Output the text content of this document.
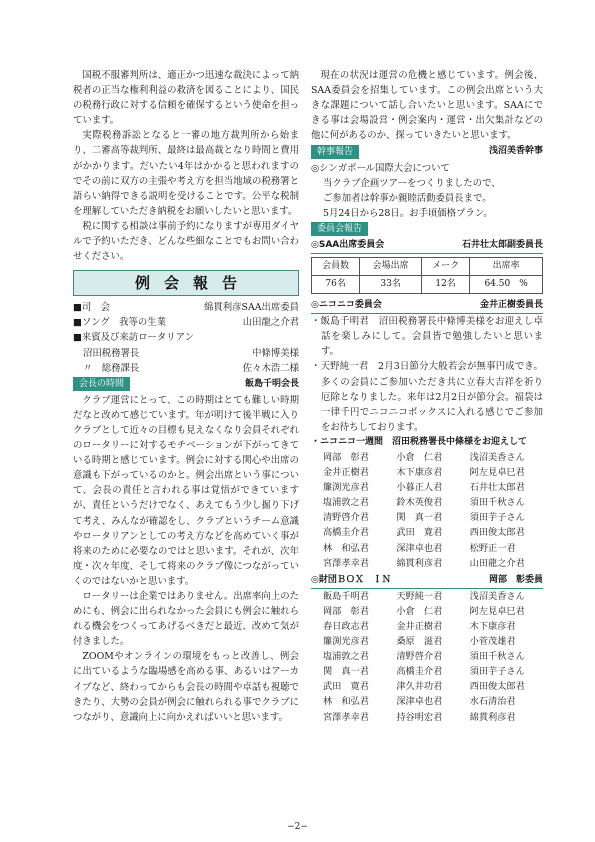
国税不服審判所は、適正かつ迅速な裁決によって納税者の正当な権利利益の救済を図ることにより、国民の税務行政に対する信頼を確保するという使命を担っています。

実際税務訴訟となると一審の地方裁判所から始まり、二審高等裁判所、最終は最高裁となり時間と費用がかかります。だいたい4年はかかると思われますのでその前に双方の主張や考え方を担当地域の税務署と語らい納得できる説明を受けることです。公平な税制を理解していただき納税をお願いしたいと思います。

税に関する相談は事前予約になりますが専用ダイヤルで予約いただき、どんな些細なことでもお問い合わせください。

例会報告
■司　会	綿貫利彦SAA出席委員
■ソング　我等の生業	山田龍之介君
■来賓及び来訪ロータリアン
沼田税務署長	中條博美様
〃　総務課長	佐々木浩二様
会長の時間	飯島千明会長

クラブ運営にとって、この時期はとても難しい時期だなと改めて感じています。年が明けて後半戦に入りクラブとして近々の目標も見えなくなり会員それぞれのロータリーに対するモチベーションが下がってきている時期と感じています。例会に対する関心や出席の意識も下がっているのかと。例会出席という事について、会長の責任と言われる事は覚悟ができていますが、責任というだけでなく、あえてもう少し掘り下げて考え、みんなが確認をし、クラブというチーム意識やロータリアンとしての考え方などを高めていく事が将来のために必要なのではと思います。それが、次年度・次々年度、そして将来のクラブ像につながっていくのではないかと思います。

ロータリーは企業ではありません。出席率向上のためにも、例会に出られなかった会員にも例会に触れられる機会をつくってあげるべきだと最近、改めて気が付きました。

ZOOMやオンラインの環境をもっと改善し、例会に出ているような臨場感を高める事、あるいはアーカイブなど、終わってからも会長の時間や卓話も視聴できたり、大勢の会員が例会に触れられる事でクラブにつながり、意識向上に向かえればいいと思います。

現在の状況は運営の危機と感じています。例会後、SAA委員会を招集しています。この例会出席という大きな課題について話し合いたいと思います。SAAにできる事は会場設営・例会案内・運営・出欠集計などの他に何があるのか、探っていきたいと思います。

幹事報告	浅沼美香幹事
◎シンガポール国際大会について
当クラブ企画ツアーをつくりましたので、
ご参加者は幹事か親睦活動委員長まで。
5月24日から28日。お手頃価格プラン。
委員会報告
◎SAA出席委員会	石井壮太郎副委員長
会員数	会場出席	メーク	出席率
76名	33名	12名	64.50　%
◎ニコニコ委員会	金井正樹委員長
・飯島千明君　沼田税務署長中條博美様をお迎えし卓話を楽しみにして。会員皆で勉強したいと思います。
・天野純一君　2月3日節分大般若会が無事円成でき。多くの会員にご参加いただき共に立春大吉祥を祈り厄除となりました。来年は2月2日が節分会。福袋は一律千円でニコニコボックスに入れる感じでご参加をお待ちしております。
・ニコニコ一週間　沼田税務署長中條様をお迎えして
岡部　彰君	小倉　仁君	浅沼美香さん
金井正樹君	木下康彦君	阿左見卓巳君
簾渕光彦君	小暮正人君	石井壮太郎君
塩浦敦之君	鈴木英俊君	須田千秋さん
清野啓介君	関　真一君	須田芋子さん
高橋圭介君	武田　寛君	西田俊太郎君
林　和弘君	深津卓也君	松野正一君
宮澤孝幸君	綿貫利彦君	山田龍之介君
◎財団ＢＯＸ　ＩＮ	岡部　彰委員
飯島千明君	天野純一君	浅沼美香さん
岡部　彰君	小倉　仁君	阿左見卓巳君
春日政志君	金井正樹君	木下康彦君
簾渕光彦君	桑原　滋君	小菅茂雄君
塩浦敦之君	清野啓介君	須田千秋さん
関　真一君	高橋圭介君	須田芋子さん
武田　寛君	津久井功君	西田俊太郎君
林　和弘君	深津卓也君	水石清治君
宮澤孝幸君	持谷明宏君	綿貫利彦君
−2−
